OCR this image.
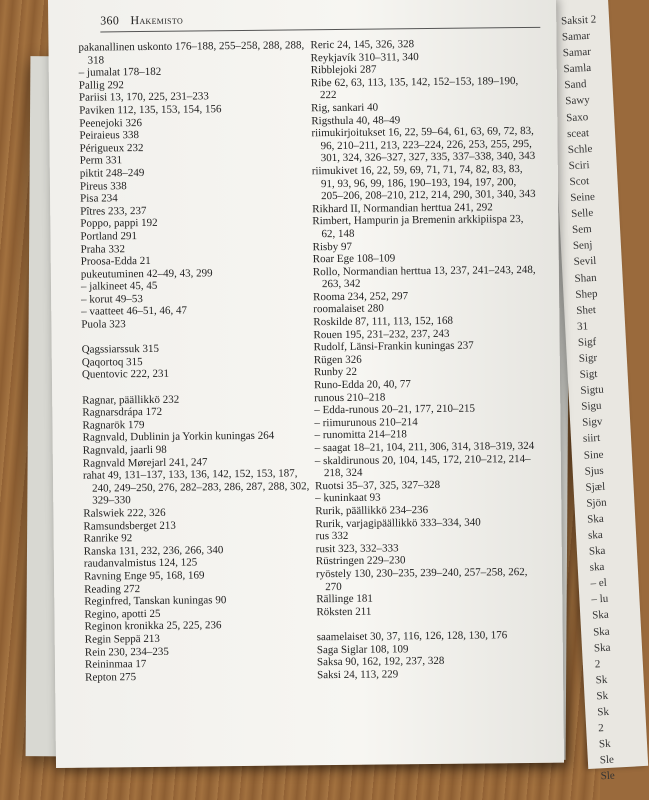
Saksit 2
Samar
Samar
Samla
Sand
Sawy
Saxo
sceat
Schle
Sciri
Scot
Seine
Selle
Sem
Senj
Sevil
Shan
Shep
Shet
31
Sigf
Sigr
Sigt
Sigtu
Sigu
Sigv
siirt
Sine
Sjus
Sjæl
Sjön
Ska
ska
Ska
ska
– el
– lu
Ska
Ska
Ska
2
Sk
Sk
Sk
2
Sk
Sle
Sle
360 Hakemisto
pakanallinen uskonto 176–188, 255–258, 288, 288, 318
– jumalat 178–182
Pallig 292
Pariisi 13, 170, 225, 231–233
Paviken 112, 135, 153, 154, 156
Peenejoki 326
Peiraieus 338
Périgueux 232
Perm 331
piktit 248–249
Pireus 338
Pisa 234
Pîtres 233, 237
Poppo, pappi 192
Portland 291
Praha 332
Proosa-Edda 21
pukeutuminen 42–49, 43, 299
– jalkineet 45, 45
– korut 49–53
– vaatteet 46–51, 46, 47
Puola 323
Qagssiarssuk 315
Qaqortoq 315
Quentovic 222, 231
Ragnar, päällikkö 232
Ragnarsdrápa 172
Ragnarök 179
Ragnvald, Dublinin ja Yorkin kuningas 264
Ragnvald, jaarli 98
Ragnvald Mørejarl 241, 247
rahat 49, 131–137, 133, 136, 142, 152, 153, 187, 240, 249–250, 276, 282–283, 286, 287, 288, 302, 329–330
Ralswiek 222, 326
Ramsundsberget 213
Ranrike 92
Ranska 131, 232, 236, 266, 340
raudanvalmistus 124, 125
Ravning Enge 95, 168, 169
Reading 272
Reginfred, Tanskan kuningas 90
Regino, apotti 25
Reginon kronikka 25, 225, 236
Regin Seppä 213
Rein 230, 234–235
Reininmaa 17
Repton 275
Reric 24, 145, 326, 328
Reykjavík 310–311, 340
Ribblejoki 287
Ribe 62, 63, 113, 135, 142, 152–153, 189–190, 222
Rig, sankari 40
Rigsthula 40, 48–49
riimukirjoitukset 16, 22, 59–64, 61, 63, 69, 72, 83, 96, 210–211, 213, 223–224, 226, 253, 255, 295, 301, 324, 326–327, 327, 335, 337–338, 340, 343
riimukivet 16, 22, 59, 69, 71, 71, 74, 82, 83, 83, 91, 93, 96, 99, 186, 190–193, 194, 197, 200, 205–206, 208–210, 212, 214, 290, 301, 340, 343
Rikhard II, Normandian herttua 241, 292
Rimbert, Hampurin ja Bremenin arkkipiispa 23, 62, 148
Risby 97
Roar Ege 108–109
Rollo, Normandian herttua 13, 237, 241–243, 248, 263, 342
Rooma 234, 252, 297
roomalaiset 280
Roskilde 87, 111, 113, 152, 168
Rouen 195, 231–232, 237, 243
Rudolf, Länsi-Frankin kuningas 237
Rügen 326
Runby 22
Runo-Edda 20, 40, 77
runous 210–218
– Edda-runous 20–21, 177, 210–215
– riimurunous 210–214
– runomitta 214–218
– saagat 18–21, 104, 211, 306, 314, 318–319, 324
– skaldirunous 20, 104, 145, 172, 210–212, 214–218, 324
Ruotsi 35–37, 325, 327–328
– kuninkaat 93
Rurik, päällikkö 234–236
Rurik, varjagipäällikkö 333–334, 340
rus 332
rusit 323, 332–333
Rüstringen 229–230
ryöstely 130, 230–235, 239–240, 257–258, 262, 270
Rällinge 181
Röksten 211
saamelaiset 30, 37, 116, 126, 128, 130, 176
Saga Siglar 108, 109
Saksa 90, 162, 192, 237, 328
Saksi 24, 113, 229
